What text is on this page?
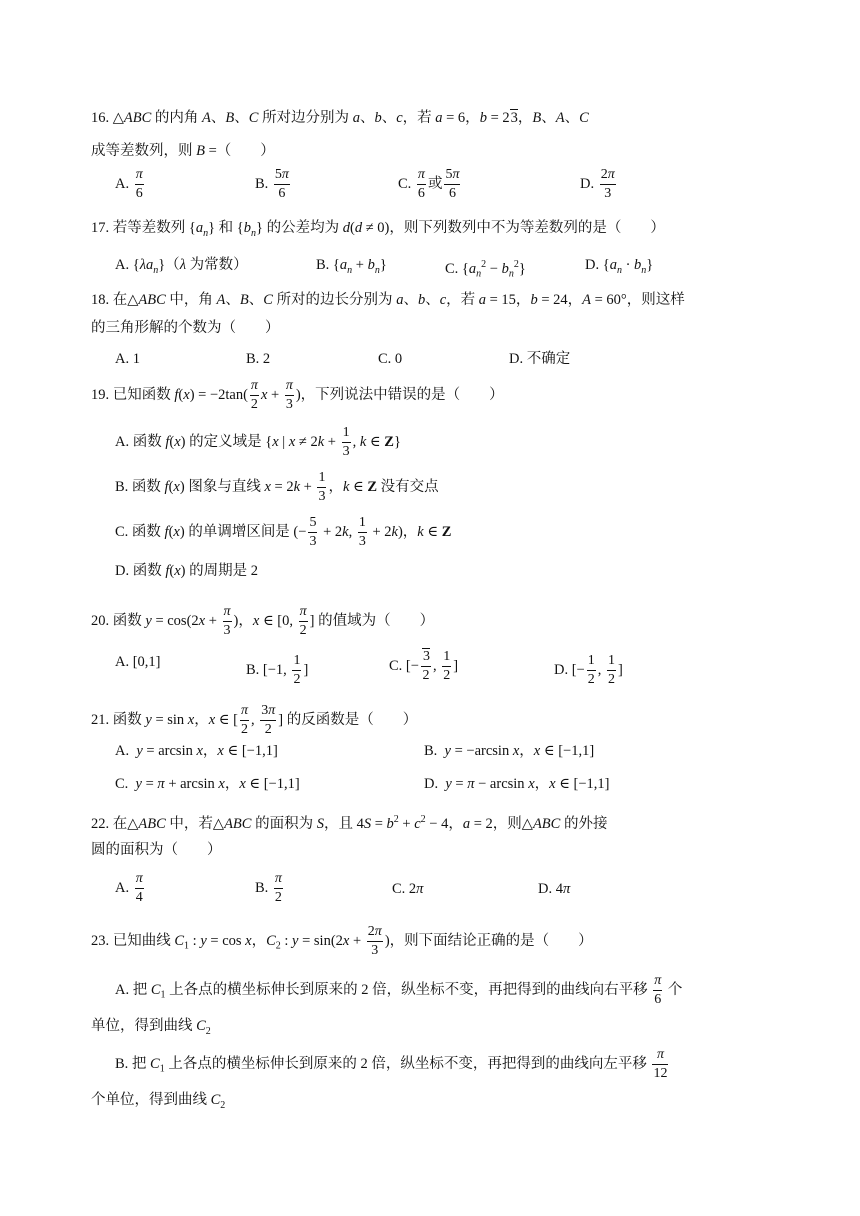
16. △ABC 的内角 A、B、C 所对边分别为 a、b、c，若 a = 6，b = 23，B、A、C
成等差数列，则 B =（　　）
A. $\frac{\pi}{6}$	B. $\frac{5\pi}{6}$	C. $\frac{\pi}{6}$ 或 $\frac{5\pi}{6}$	D. $\frac{2\pi}{3}$
17. 若等差数列 $\{a_n\}$ 和 $\{b_n\}$ 的公差均为 d(d ≠ 0)，则下列数列中不为等差数列的是（　　）
A. $\{\lambda a_n\}(\lambda$ 为常数）	B. $\{a_n + b_n\}$	C. $\{a_n^2 - b_n^2\}$	D. $\{a_n \cdot b_n\}$
18. 在△ABC 中，角 A、B、C 所对的边长分别为 a、b、c，若 a = 15，b = 24，A = 60°，则这样
的三角形解的个数为（　　）
A. 1	B. 2	C. 0	D. 不确定
19. 已知函数 $f(x) = -2\tan( \frac{\pi}{2}$ $x + \frac{\pi}{3}$ )，下列说法中错误的是（　　）
A. 函数 f(x) 的定义域是 {x | $x \ne 2k + \frac{1}{3}$ , k ∈ Z}
B. 函数 f(x) 图象与直线 $x = 2k + \frac{1}{3}$ ，k ∈ Z 没有交点
C. 函数 f(x) 的单调增区间是 (− $\frac{5}{3} + 2k$, $\frac{1}{3} + 2k$)，k ∈ Z
D. 函数 f(x) 的周期是 2
20. 函数 $y = \cos(2x + \frac{\pi}{3}$ )，x ∈ [0, $\frac{\pi}{2}$ ] 的值域为（　　）
A. [0,1]	B. [−1, $\frac{1}{2}$ ]	C. [− $\frac{3}{2}$ , $\frac{1}{2}$ ]	D. [− $\frac{1}{2}$ , $\frac{1}{2}$ ]
21. 函数 y = sin x，x ∈ [ $\frac{\pi}{2}$ , $\frac{3\pi}{2}$ ] 的反函数是（　　）
A.  y = arcsin x，x ∈ [−1,1]	B.  y = −arcsin x，x ∈ [−1,1]
C.  y = π + arcsin x，x ∈ [−1,1]	D.  y = π − arcsin x，x ∈ [−1,1]
22. 在△ABC 中，若△ABC 的面积为 S，且 $4S = b^2 + c^2 - 4$，a = 2，则△ABC 的外接
圆的面积为（　　）
A. $\frac{\pi}{4}$	B. $\frac{\pi}{2}$	C. 2π	D. 4π
23. 已知曲线 $C_1$ : y = cos x，$C_2$ : $y = \sin(2x + \frac{2\pi}{3}$ )，则下面结论正确的是（　　）
A. 把 $C_1$ 上各点的横坐标伸长到原来的 2 倍，纵坐标不变，再把得到的曲线向右平移 $\frac{\pi}{6}$ 个
单位，得到曲线 $C_2$
B. 把 $C_1$ 上各点的横坐标伸长到原来的 2 倍，纵坐标不变，再把得到的曲线向左平移 $\frac{\pi}{12}$
个单位，得到曲线 $C_2$
